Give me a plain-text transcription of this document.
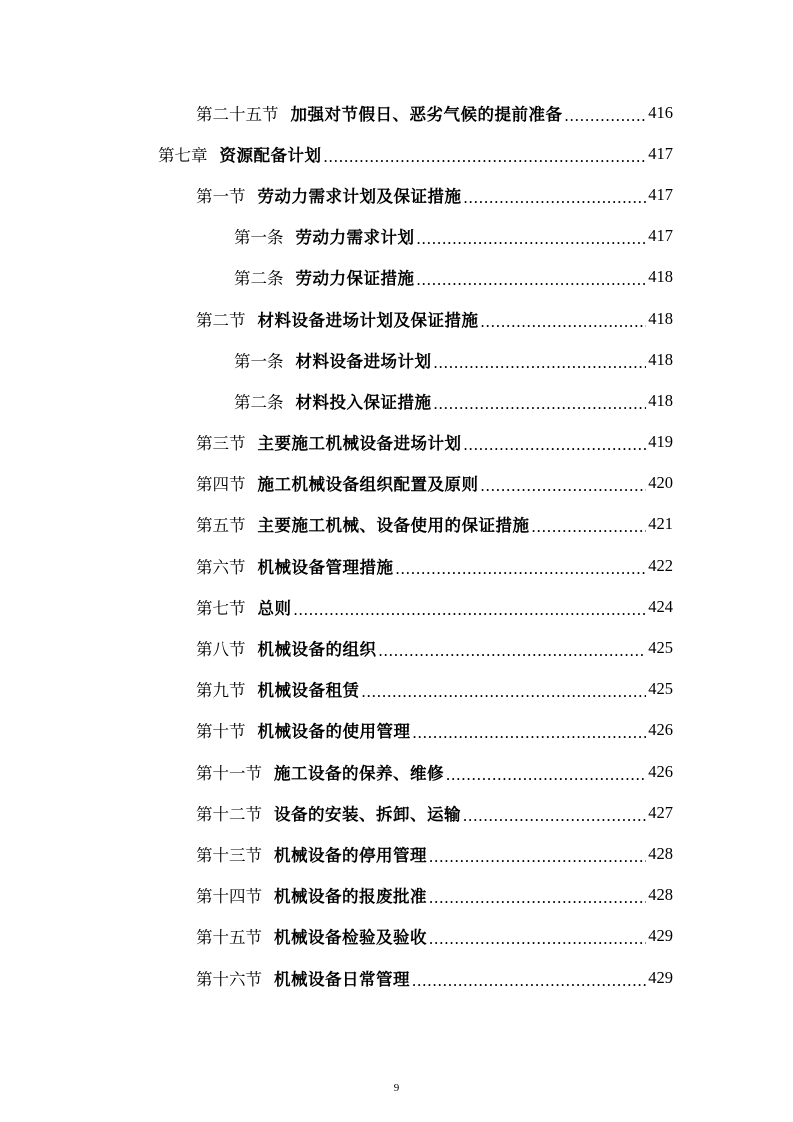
第二十五节 加强对节假日、恶劣气候的提前准备 .....	416
第七章 资源配备计划 .....	417
第一节 劳动力需求计划及保证措施 .....	417
第一条 劳动力需求计划 .....	417
第二条 劳动力保证措施 .....	418
第二节 材料设备进场计划及保证措施 .....	418
第一条 材料设备进场计划 .....	418
第二条 材料投入保证措施 .....	418
第三节 主要施工机械设备进场计划 .....	419
第四节 施工机械设备组织配置及原则 .....	420
第五节 主要施工机械、设备使用的保证措施 .....	421
第六节 机械设备管理措施 .....	422
第七节 总则 .....	424
第八节 机械设备的组织 .....	425
第九节 机械设备租赁 .....	425
第十节 机械设备的使用管理 .....	426
第十一节 施工设备的保养、维修 .....	426
第十二节 设备的安装、拆卸、运输 .....	427
第十三节 机械设备的停用管理 .....	428
第十四节 机械设备的报废批准 .....	428
第十五节 机械设备检验及验收 .....	429
第十六节 机械设备日常管理 .....	429
9
